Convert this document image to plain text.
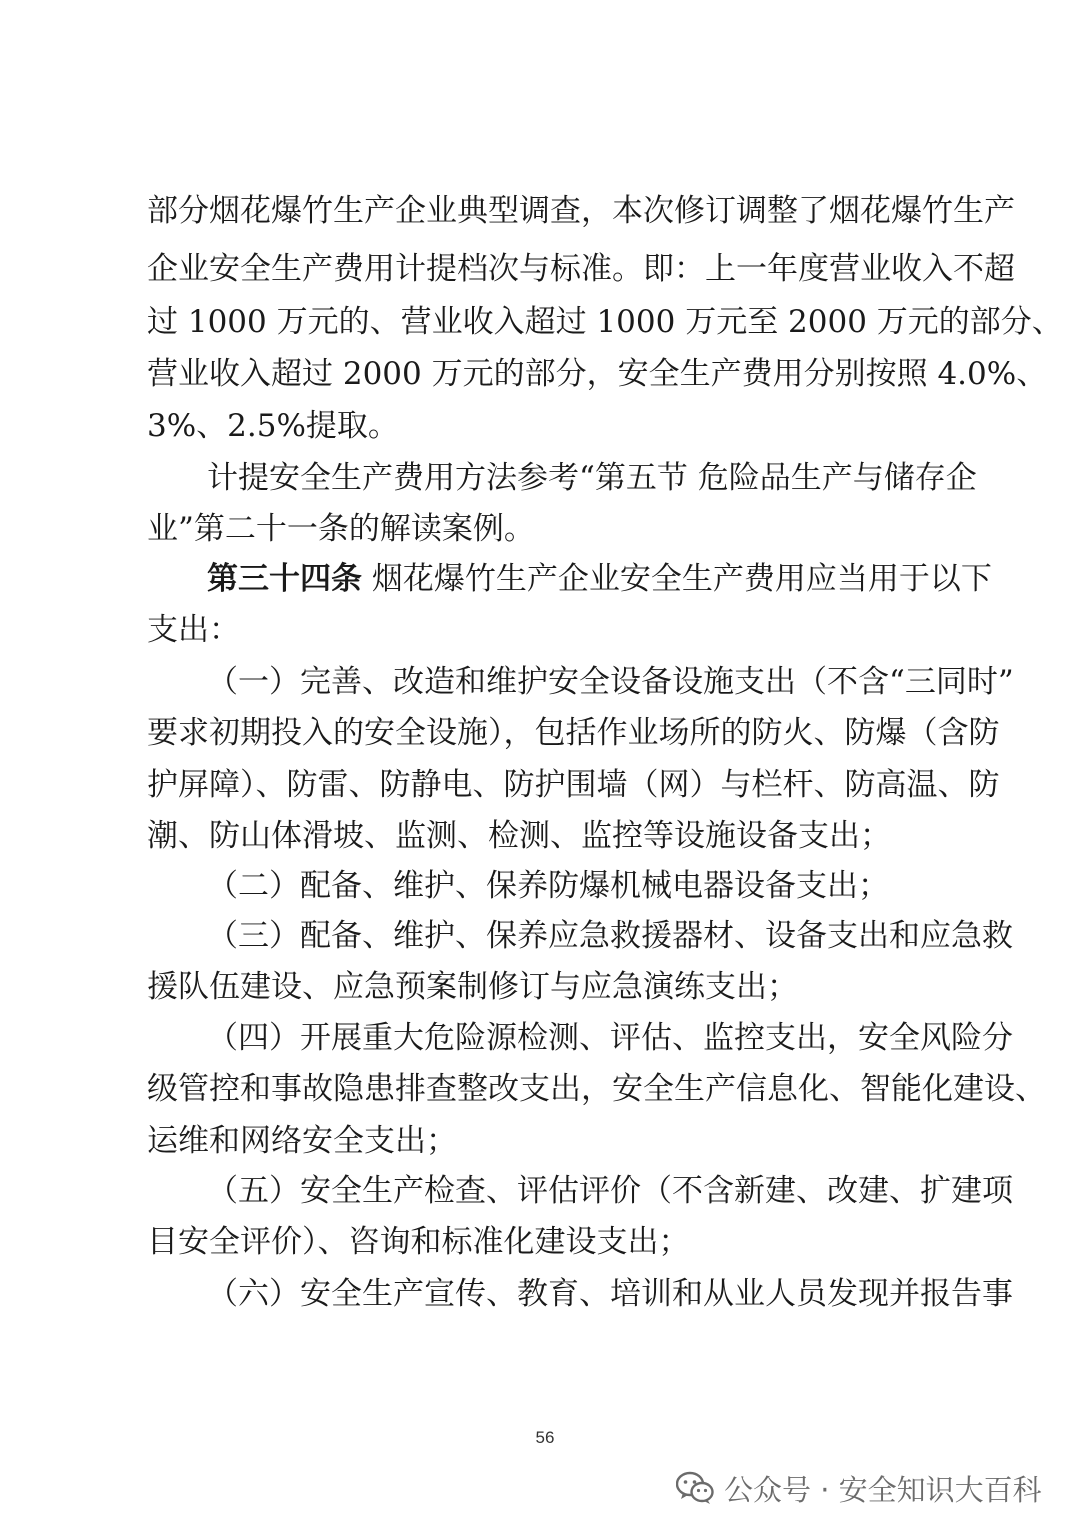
部分烟花爆竹生产企业典型调查，本次修订调整了烟花爆竹生产
企业安全生产费用计提档次与标准。即：上一年度营业收入不超
过 1000 万元的、营业收入超过 1000 万元至 2000 万元的部分、
营业收入超过 2000 万元的部分，安全生产费用分别按照 4.0%、
3%、2.5%提取。
计提安全生产费用方法参考“第五节 危险品生产与储存企
业”第二十一条的解读案例。
第三十四条 烟花爆竹生产企业安全生产费用应当用于以下
支出：
（一）完善、改造和维护安全设备设施支出（不含“三同时”
要求初期投入的安全设施），包括作业场所的防火、防爆（含防
护屏障）、防雷、防静电、防护围墙（网）与栏杆、防高温、防
潮、防山体滑坡、监测、检测、监控等设施设备支出；
（二）配备、维护、保养防爆机械电器设备支出；
（三）配备、维护、保养应急救援器材、设备支出和应急救
援队伍建设、应急预案制修订与应急演练支出；
（四）开展重大危险源检测、评估、监控支出，安全风险分
级管控和事故隐患排查整改支出，安全生产信息化、智能化建设、
运维和网络安全支出；
（五）安全生产检查、评估评价（不含新建、改建、扩建项
目安全评价）、咨询和标准化建设支出；
（六）安全生产宣传、教育、培训和从业人员发现并报告事
56
公众号 · 安全知识大百科
